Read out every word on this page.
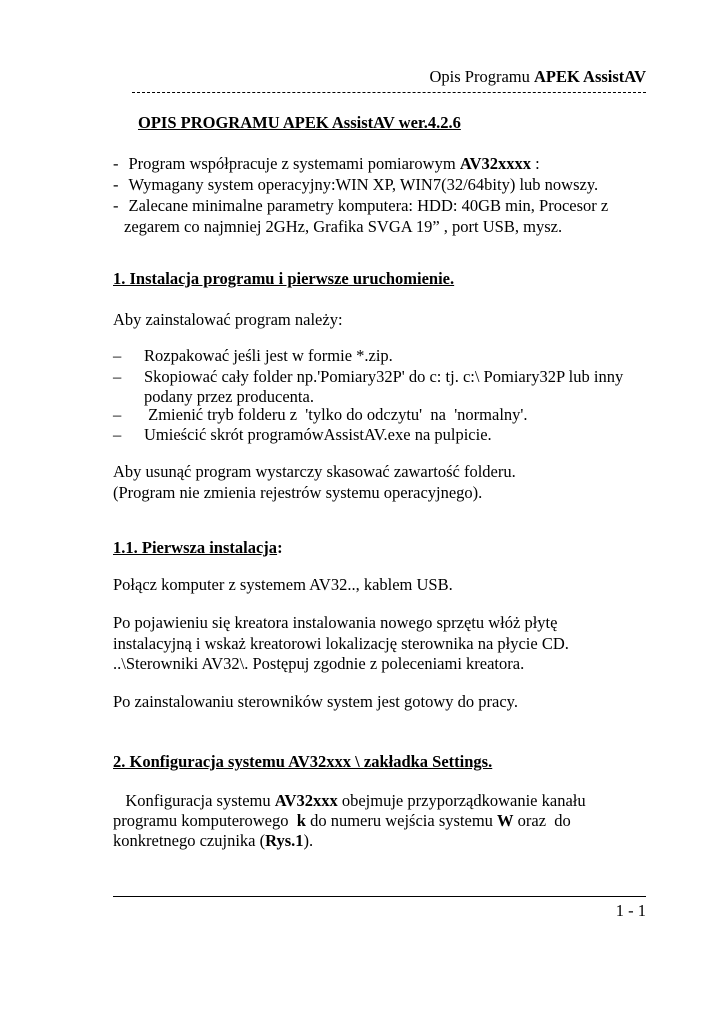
Opis Programu APEK AssistAV
OPIS PROGRAMU APEK AssistAV wer.4.2.6
- Program współpracuje z systemami pomiarowym AV32xxxx :
- Wymagany system operacyjny:WIN XP, WIN7(32/64bity) lub nowszy.
- Zalecane minimalne parametry komputera: HDD: 40GB min, Procesor z
zegarem co najmniej 2GHz, Grafika SVGA 19” , port USB, mysz.
1. Instalacja programu i pierwsze uruchomienie.
Aby zainstalować program należy:
– Rozpakować jeśli jest w formie *.zip.
– Skopiować cały folder np.'Pomiary32P' do c: tj. c:\ Pomiary32P lub inny
podany przez producenta.
– Zmienić tryb folderu z  'tylko do odczytu'  na  'normalny'.
– Umieścić skrót programówAssistAV.exe na pulpicie.
Aby usunąć program wystarczy skasować zawartość folderu.
(Program nie zmienia rejestrów systemu operacyjnego).
1.1. Pierwsza instalacja:
Połącz komputer z systemem AV32.., kablem USB.
Po pojawieniu się kreatora instalowania nowego sprzętu włóż płytę
instalacyjną i wskaż kreatorowi lokalizację sterownika na płycie CD.
..\Sterowniki AV32\. Postępuj zgodnie z poleceniami kreatora.
Po zainstalowaniu sterowników system jest gotowy do pracy.
2. Konfiguracja systemu AV32xxx \ zakładka Settings.
Konfiguracja systemu AV32xxx obejmuje przyporządkowanie kanału
programu komputerowego  k do numeru wejścia systemu W oraz  do
konkretnego czujnika (Rys.1).
1 - 1
